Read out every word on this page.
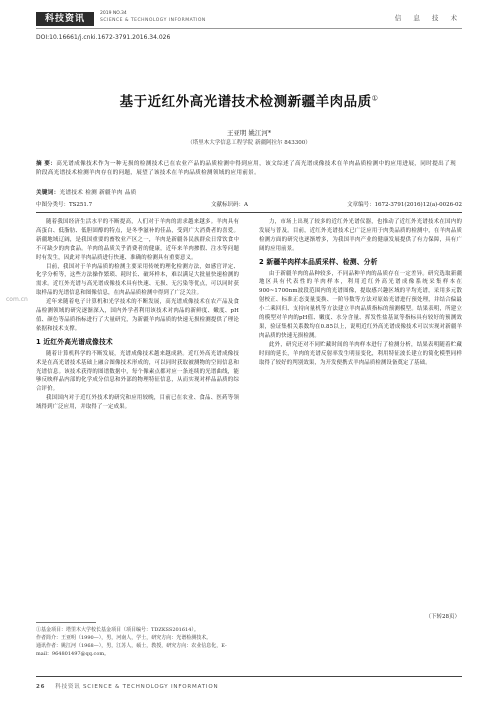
科技资讯
2019 NO.34
SCIENCE & TECHNOLOGY INFORMATION	信 息 技 术
DOI:10.16661/j.cnki.1672-3791.2016.34.026
基于近红外高光谱技术检测新疆羊肉品质①
王亚明 姚江河*
（塔里木大学信息工程学院 新疆阿拉尔 843300）
摘 要：高光谱成像技术作为一种无损的检测技术已在农业产品的品质检测中得到应用，该文综述了高光谱成像技术在羊肉品质检测中的应用进展，同时提出了现阶段高光谱技术检测羊肉存在的问题，展望了该技术在羊肉品质检测领域的应用前景。
关键词：光谱技术 检测 新疆羊肉 品质
中图分类号：TS251.7	文献标识码：A	文章编号：1672-3791(2016)12(a)-0026-02
com.cn

随着我国经济生活水平的不断提高，人们对于羊肉的需求越来越多。羊肉具有高蛋白、低脂肪、低胆固醇的特点，是冬季滋补的佳品，受到广大消费者的喜爱。新疆地域辽阔，是我国重要的畜牧业产区之一，羊肉是新疆各民族群众日常饮食中不可缺少的肉食品。羊肉的品质关乎消费者的健康，近年来羊肉掺假、注水等问题时有发生，因此对羊肉品质进行快速、准确的检测具有重要意义。

目前，我国对于羊肉品质的检测主要采用传统的理化检测方法，如感官评定、化学分析等，这些方法操作繁琐、耗时长、破坏样本，难以满足大批量快速检测的需求。近红外光谱与高光谱成像技术具有快速、无损、无污染等优点，可以同时获取样品的光谱信息和图像信息，在肉品品质检测中得到了广泛关注。

近年来随着电子计算机和光学技术的不断发展，高光谱成像技术在农产品及食品检测领域的研究逐渐深入，国内外学者利用该技术对肉品的新鲜度、嫩度、pH值、颜色等品质指标进行了大量研究，为新疆羊肉品质的快速无损检测提供了理论依据和技术支撑。

1 近红外高光谱成像技术

随着计算机科学的不断发展，光谱成像技术越来越成熟。近红外高光谱成像技术是在高光谱技术基础上融合图像技术形成的，可以同时获取被测物的空间信息和光谱信息。该技术获得的图谱数据中，每个像素点都对应一条连续的光谱曲线，能够反映样品内部的化学成分信息和外部的物理特征信息，从而实现对样品品质的综合评价。

我国国内对于近红外技术的研究和应用较晚，目前已在农业、食品、医药等领域得到广泛应用，并取得了一定成果。

力，市场上出现了较多的近红外光谱仪器，也推动了近红外光谱技术在国内的发展与普及。目前，近红外光谱技术已广泛应用于肉类品质的检测中，在羊肉品质检测方面的研究也逐渐增多，为我国羊肉产业的健康发展提供了有力保障，具有广阔的应用前景。

2 新疆羊肉样本品质采样、检测、分析

由于新疆羊肉的品种较多，不同品种羊肉的品质存在一定差异。研究选取新疆地区具有代表性的羊肉样本，利用近红外高光谱成像系统采集样本在900~1700nm波段范围内的光谱图像，提取感兴趣区域的平均光谱，采用多元散射校正、标准正态变量变换、一阶导数等方法对原始光谱进行预处理，并结合偏最小二乘回归、支持向量机等方法建立羊肉品质指标的预测模型。结果表明，所建立的模型对羊肉的pH值、嫩度、水分含量、挥发性盐基氮等指标具有较好的预测效果，验证集相关系数均在0.85以上，说明近红外高光谱成像技术可以实现对新疆羊肉品质的快速无损检测。

此外，研究还对不同贮藏时间的羊肉样本进行了检测分析，结果表明随着贮藏时间的延长，羊肉的光谱反射率发生明显变化，利用特征波长建立的简化模型同样取得了较好的判别效果，为开发便携式羊肉品质检测设备奠定了基础。

（下转28页）
①基金项目：塔里木大学校长基金项目（项目编号：TDZKSS201614）。
作者简介：王亚明（1990—），男，河南人，学士，研究方向：光谱检测技术。
通讯作者：姚江河（1968—），男，江苏人，硕士，教授，研究方向：农业信息化，E-mail：964801497@qq.com。
26 科技资讯 SCIENCE & TECHNOLOGY INFORMATION
